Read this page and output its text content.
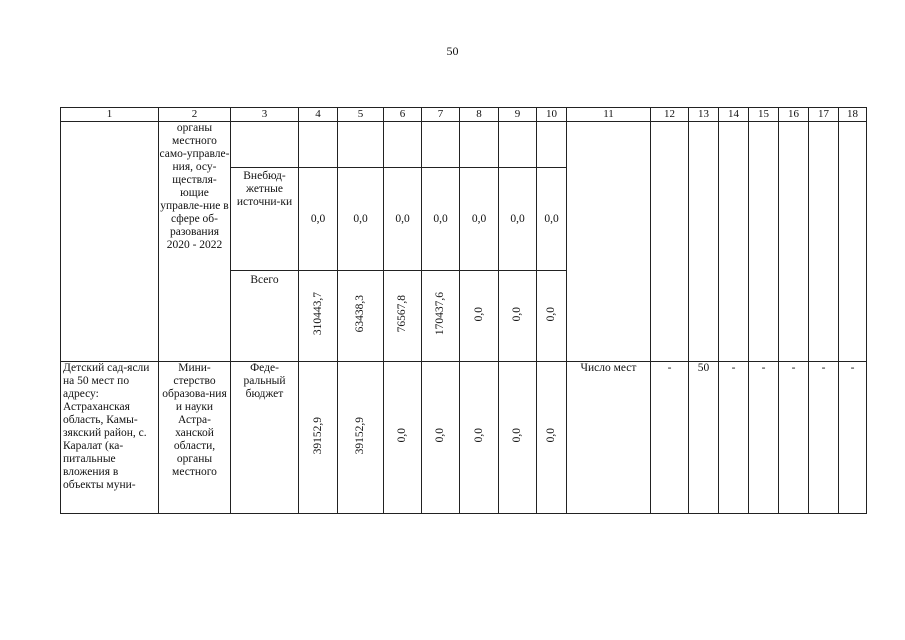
50
1	2	3	4	5	6	7	8	9	10	11	12	13	14	15	16	17	18
	органы местного само-управле-ния, осу-ществля-ющие управле-ние в сфере об-разования 2020 - 2022																
		Внебюд-жетные источни-ки	0,0	0,0	0,0	0,0	0,0	0,0	0,0								
		Всего	310443,7	63438,3	76567,8	170437,6	0,0	0,0	0,0								
Детский сад-ясли на 50 мест по адресу: Астраханская область, Камы-зякский район, с. Каралат (ка-питальные вложения в объекты муни-	Мини-стерство образова-ния и науки Астра-ханской области, органы местного	Феде-ральный бюджет	39152,9	39152,9	0,0	0,0	0,0	0,0	0,0	Число мест	-	50	-	-	-	-	-
